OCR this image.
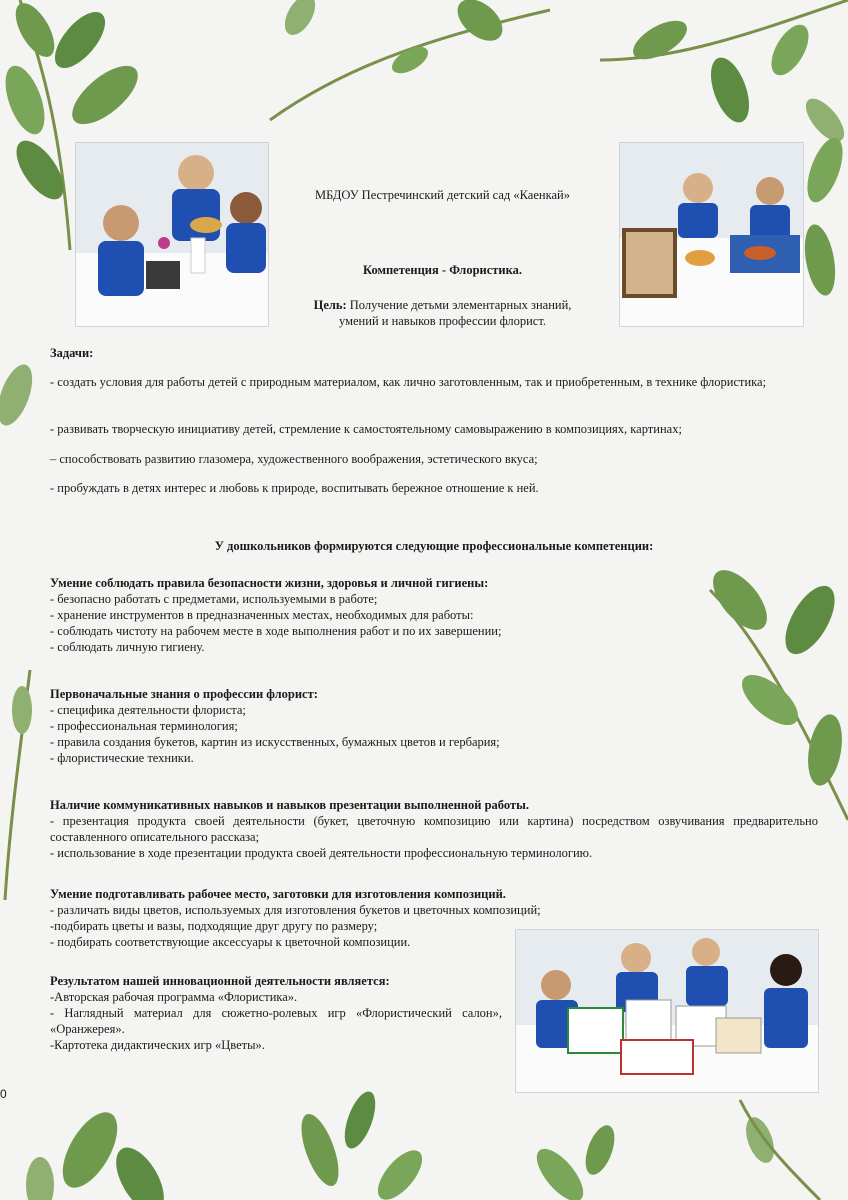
МБДОУ Пестречинский детский сад «Каенкай»

Компетенция - Флористика.

Цель: Получение детьми элементарных знаний,

умений и навыков профессии флорист.

Задачи:

- создать условия для работы детей с природным материалом, как лично заготовленным, так и приобретенным, в технике флористика;

- развивать творческую инициативу детей, стремление к самостоятельному самовыражению в композициях, картинах;

– способствовать развитию глазомера, художественного воображения, эстетического вкуса;

- пробуждать в детях интерес и любовь к природе, воспитывать бережное отношение к ней.

У дошкольников формируются следующие профессиональные компетенции:

Умение соблюдать правила безопасности жизни, здоровья и личной гигиены:

- безопасно работать с предметами, используемыми в работе;

- хранение инструментов в предназначенных местах, необходимых для работы:

- соблюдать чистоту на рабочем месте в ходе выполнения работ и по их завершении;

- соблюдать личную гигиену.

Первоначальные знания о профессии флорист:

- специфика деятельности флориста;

- профессиональная терминология;

- правила создания букетов, картин из искусственных, бумажных цветов и гербария;

- флористические техники.

Наличие коммуникативных навыков и навыков презентации выполненной работы.

- презентация продукта своей деятельности (букет, цветочную композицию или картина) посредством озвучивания предварительно составленного описательного рассказа;

- использование в ходе презентации продукта своей деятельности профессиональную терминологию.

Умение подготавливать рабочее место, заготовки для изготовления композиций.

- различать виды цветов, используемых для изготовления букетов и цветочных композиций;

-подбирать цветы и вазы, подходящие друг другу по размеру;

- подбирать соответствующие аксессуары к цветочной композиции.

Результатом нашей инновационной деятельности является:

-Авторская рабочая программа «Флористика».

- Наглядный материал для сюжетно-ролевых игр «Флористический салон», «Оранжерея».

-Картотека дидактических игр «Цветы».

0
